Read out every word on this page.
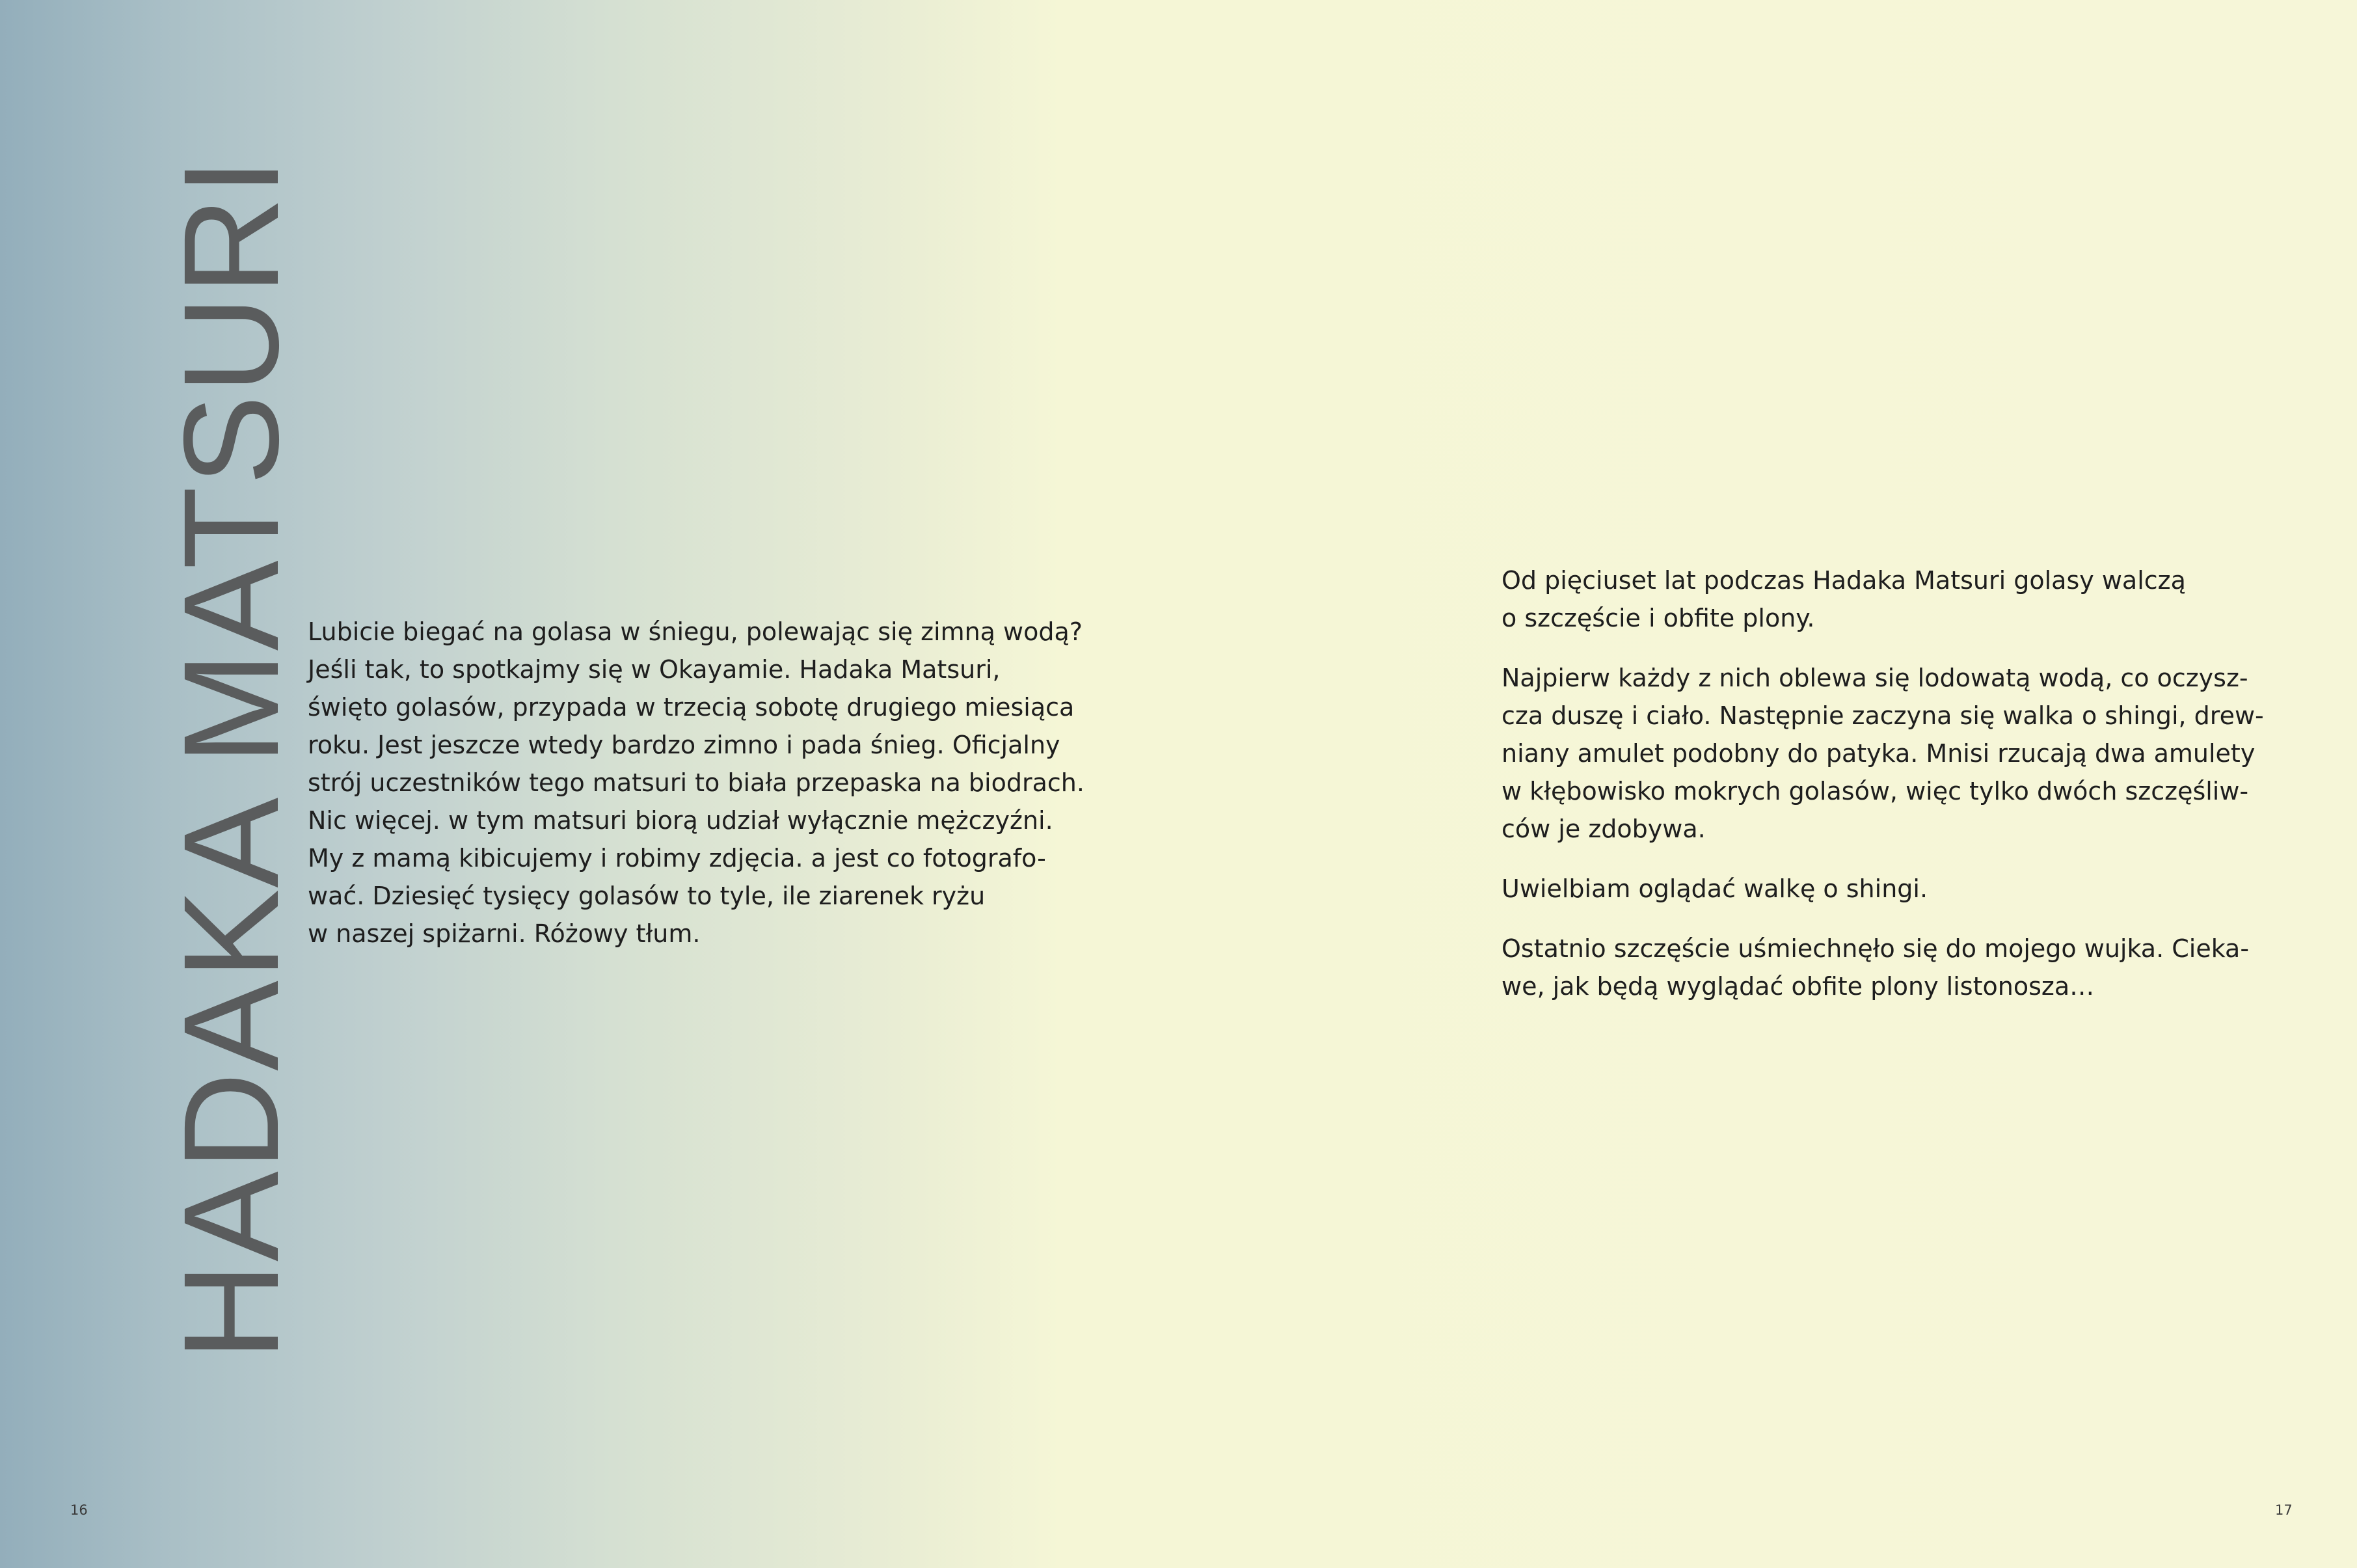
HADAKA MATSURI Lubicie biegać na golasa w śniegu, polewając się zimną wodą?

Jeśli tak, to spotkajmy się w Okayamie. Hadaka Matsuri,

święto golasów, przypada w trzecią sobotę drugiego miesiąca

roku. Jest jeszcze wtedy bardzo zimno i pada śnieg. Oficjalny

strój uczestników tego matsuri to biała przepaska na biodrach.

Nic więcej. w tym matsuri biorą udział wyłącznie mężczyźni.

My z mamą kibicujemy i robimy zdjęcia. a jest co fotografo-

wać. Dziesięć tysięcy golasów to tyle, ile ziarenek ryżu

w naszej spiżarni. Różowy tłum.

16

Od pięciuset lat podczas Hadaka Matsuri golasy walczą

o szczęście i obfite plony.

Najpierw każdy z nich oblewa się lodowatą wodą, co oczysz-

cza duszę i ciało. Następnie zaczyna się walka o shingi, drew-

niany amulet podobny do patyka. Mnisi rzucają dwa amulety

w kłębowisko mokrych golasów, więc tylko dwóch szczęśliw-

ców je zdobywa.

Uwielbiam oglądać walkę o shingi.

Ostatnio szczęście uśmiechnęło się do mojego wujka. Cieka-

we, jak będą wyglądać obfite plony listonosza…

17
